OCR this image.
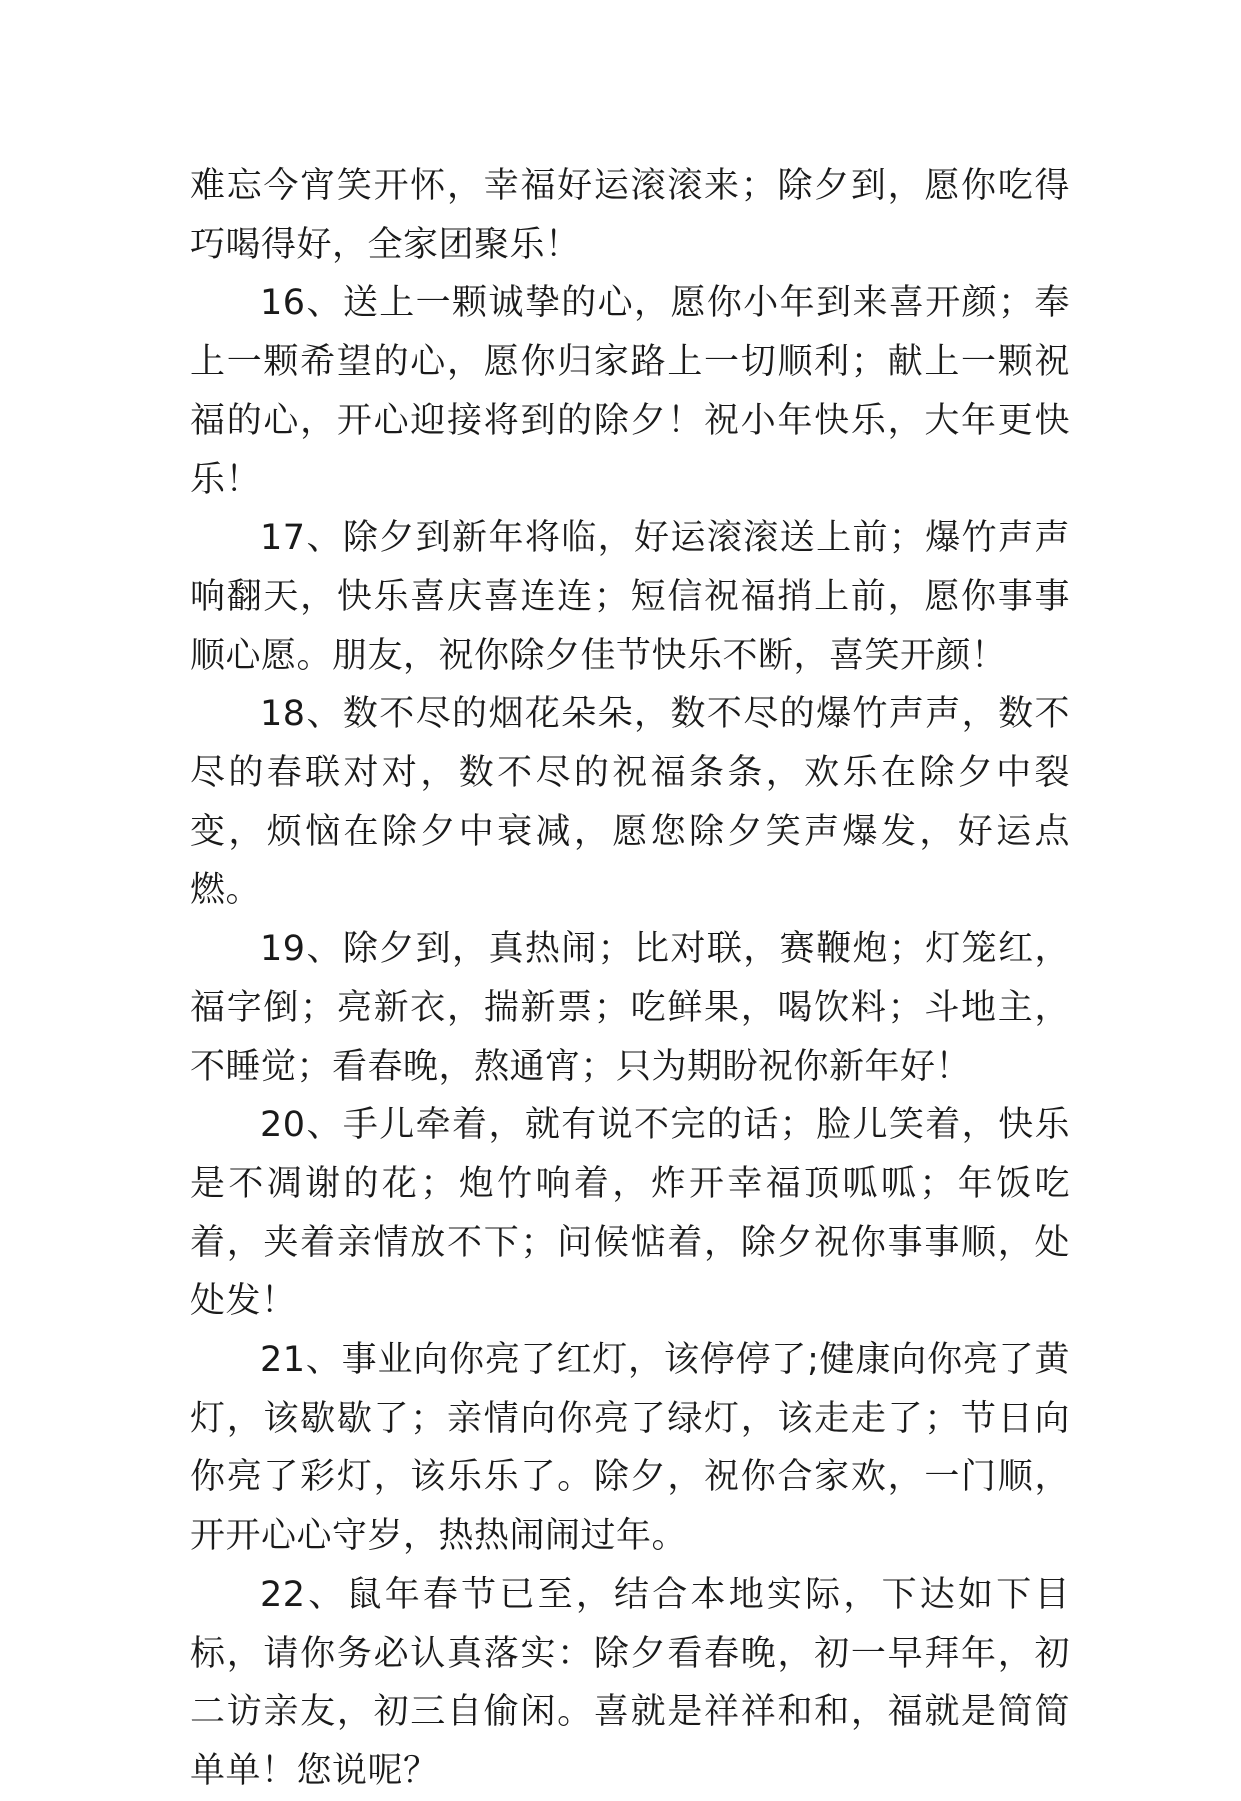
难忘今宵笑开怀，幸福好运滚滚来；除夕到，愿你吃得巧喝得好，全家团聚乐！

16、送上一颗诚挚的心，愿你小年到来喜开颜；奉上一颗希望的心，愿你归家路上一切顺利；献上一颗祝福的心，开心迎接将到的除夕！祝小年快乐，大年更快乐！

17、除夕到新年将临，好运滚滚送上前；爆竹声声响翻天，快乐喜庆喜连连；短信祝福捎上前，愿你事事顺心愿。朋友，祝你除夕佳节快乐不断，喜笑开颜！

18、数不尽的烟花朵朵，数不尽的爆竹声声，数不尽的春联对对，数不尽的祝福条条，欢乐在除夕中裂变，烦恼在除夕中衰减，愿您除夕笑声爆发，好运点燃。

19、除夕到，真热闹；比对联，赛鞭炮；灯笼红，福字倒；亮新衣，揣新票；吃鲜果，喝饮料；斗地主，不睡觉；看春晚，熬通宵；只为期盼祝你新年好！

20、手儿牵着，就有说不完的话；脸儿笑着，快乐是不凋谢的花；炮竹响着，炸开幸福顶呱呱；年饭吃着，夹着亲情放不下；问候惦着，除夕祝你事事顺，处处发！

21、事业向你亮了红灯，该停停了;健康向你亮了黄灯，该歇歇了；亲情向你亮了绿灯，该走走了；节日向你亮了彩灯，该乐乐了。除夕，祝你合家欢，一门顺，开开心心守岁，热热闹闹过年。

22、鼠年春节已至，结合本地实际，下达如下目标，请你务必认真落实：除夕看春晚，初一早拜年，初二访亲友，初三自偷闲。喜就是祥祥和和，福就是简简单单！您说呢？
